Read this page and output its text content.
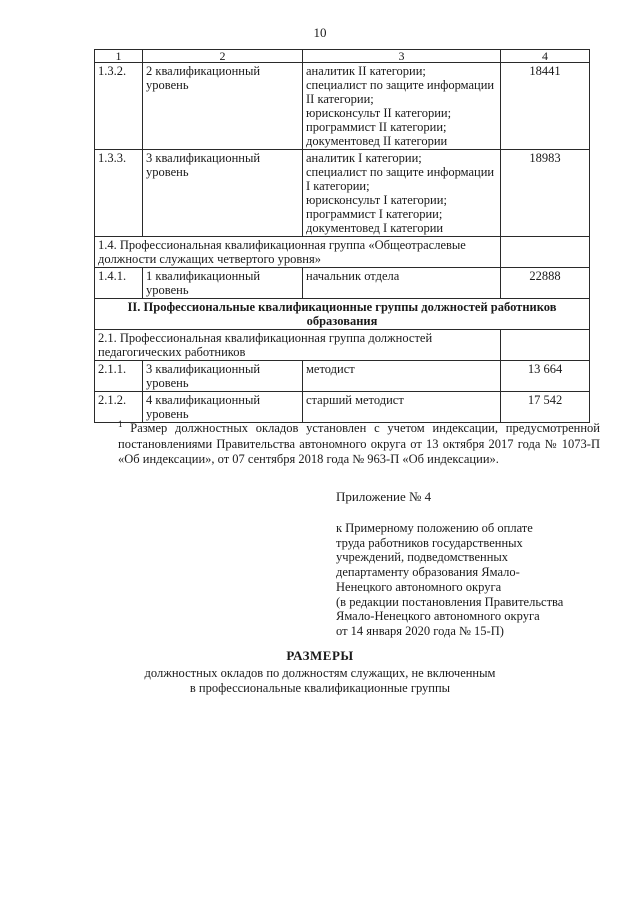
10
1	2	3	4
1.3.2.	2 квалификационный уровень	аналитик II категории;
специалист по защите информации II категории;
юрисконсульт II категории;
программист II категории;
документовед II категории	18441
1.3.3.	3 квалификационный уровень	аналитик I категории;
специалист по защите информации I категории;
юрисконсульт I категории;
программист I категории;
документовед I категории	18983
1.4. Профессиональная квалификационная группа «Общеотраслевые должности служащих четвертого уровня»			
1.4.1.	1 квалификационный уровень	начальник отдела	22888
II. Профессиональные квалификационные группы должностей работников образования			
2.1. Профессиональная квалификационная группа должностей педагогических работников			
2.1.1.	3 квалификационный уровень	методист	13 664
2.1.2.	4 квалификационный уровень	старший методист	17 542
$^1$ Размер должностных окладов установлен с учетом индексации, предусмотренной постановлениями Правительства автономного округа от 13 октября 2017 года № 1073-П «Об индексации», от 07 сентября 2018 года № 963-П «Об индексации».
Приложение № 4
к Примерному положению об оплате
труда работников государственных
учреждений, подведомственных
департаменту образования Ямало-
Ненецкого автономного округа
(в редакции постановления Правительства
Ямало-Ненецкого автономного округа
от 14 января 2020 года № 15-П)
РАЗМЕРЫ
должностных окладов по должностям служащих, не включенным
в профессиональные квалификационные группы
